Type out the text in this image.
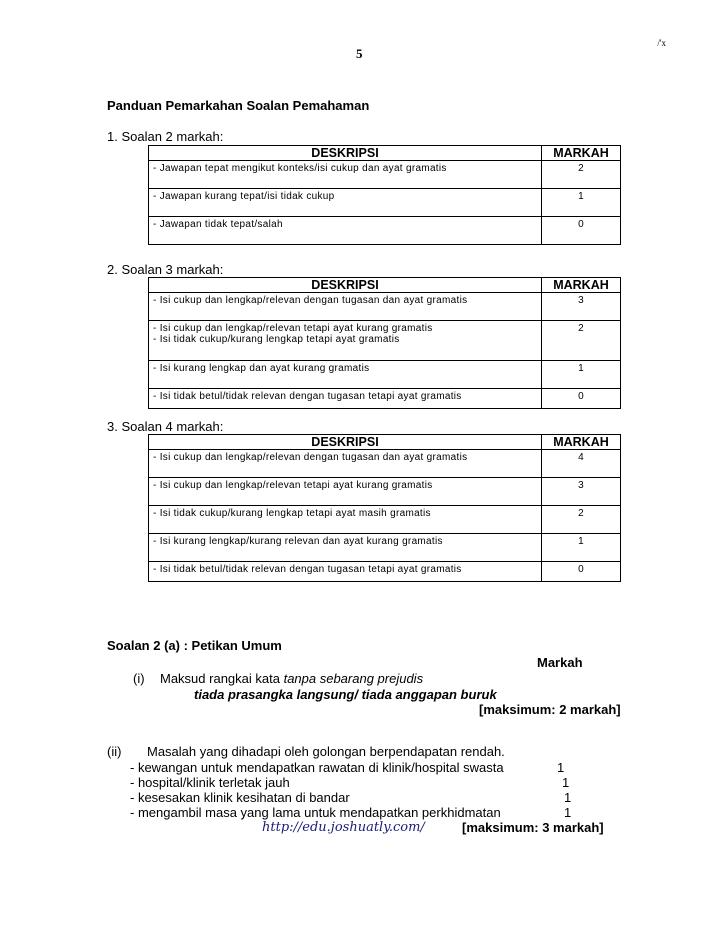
/'x
5
Panduan Pemarkahan Soalan Pemahaman
1. Soalan 2 markah:
DESKRIPSI	MARKAH
- Jawapan tepat mengikut konteks/isi cukup dan ayat gramatis	2
- Jawapan kurang tepat/isi tidak cukup	1
- Jawapan tidak tepat/salah	0
2. Soalan 3 markah:
DESKRIPSI	MARKAH
- Isi cukup dan lengkap/relevan dengan tugasan dan ayat gramatis	3

- Isi cukup dan lengkap/relevan tetapi ayat kurang gramatis
- Isi tidak cukup/kurang lengkap tetapi ayat gramatis	2
- Isi kurang lengkap dan ayat kurang gramatis	1
- Isi tidak betul/tidak relevan dengan tugasan tetapi ayat gramatis	0
3. Soalan 4 markah:
DESKRIPSI	MARKAH
- Isi cukup dan lengkap/relevan dengan tugasan dan ayat gramatis	4
- Isi cukup dan lengkap/relevan tetapi ayat kurang gramatis	3
- Isi tidak cukup/kurang lengkap tetapi ayat masih gramatis	2
- Isi kurang lengkap/kurang relevan dan ayat kurang gramatis	1
- Isi tidak betul/tidak relevan dengan tugasan tetapi ayat gramatis	0
Soalan 2 (a) : Petikan Umum
Markah
(i) Maksud rangkai kata tanpa sebarang prejudis
tiada prasangka langsung/ tiada anggapan buruk
[maksimum: 2 markah]
(ii) Masalah yang dihadapi oleh golongan berpendapatan rendah.
- kewangan untuk mendapatkan rawatan di klinik/hospital swasta	1
- hospital/klinik terletak jauh	1
- kesesakan klinik kesihatan di bandar	1
- mengambil masa yang lama untuk mendapatkan perkhidmatan	1
http://edu.joshuatly.com/	[maksimum: 3 markah]
